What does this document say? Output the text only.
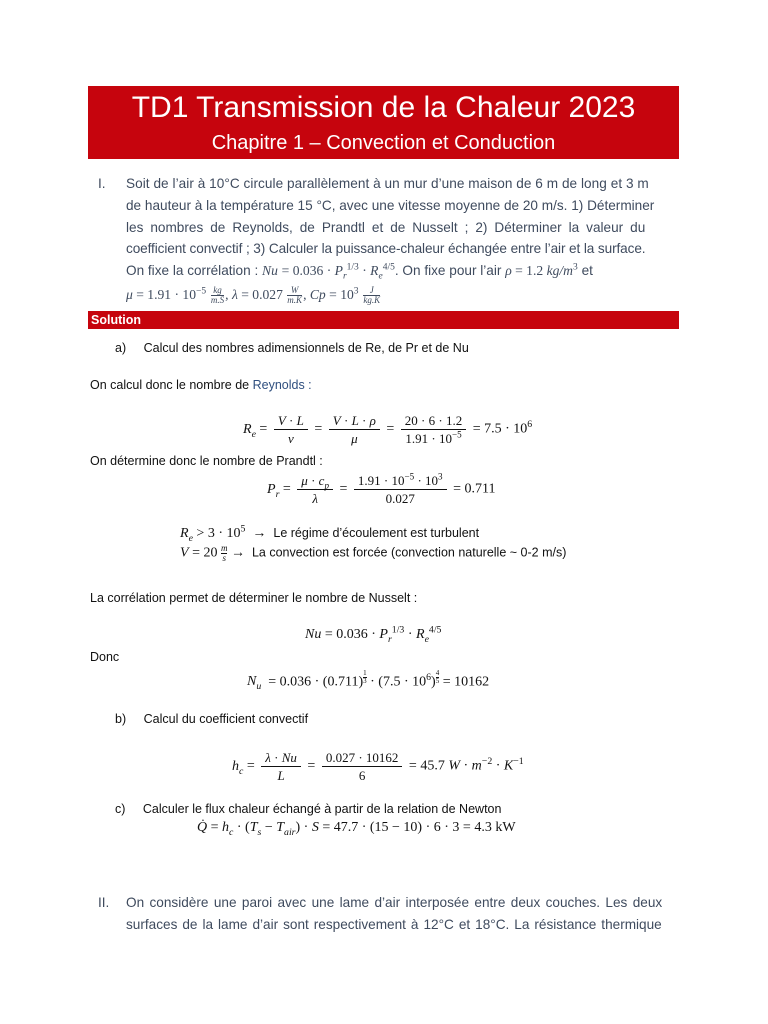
TD1 Transmission de la Chaleur 2023
Chapitre 1 – Convection et Conduction
I. Soit de l’air à 10°C circule parallèlement à un mur d’une maison de 6 m de long et 3 m
de hauteur à la température 15 °C, avec une vitesse moyenne de 20 m/s. 1) Déterminer
les nombres de Reynolds, de Prandtl et de Nusselt ; 2) Déterminer la valeur du
coefficient convectif ; 3) Calculer la puissance-chaleur échangée entre l’air et la surface.
On fixe la corrélation : $Nu = 0.036 \cdot P_r^{1/3} \cdot R_e^{4/5}$. On fixe pour l’air ρ = 1.2 $kg/m^3$ et
$\mu = 1.91 \cdot 10^{-5} \frac{kg}{m.S}$ , $\lambda = 0.027 \frac{W}{m.K}$ , $Cp = 10^3 \frac{J}{kg.K}$
Solution
a) Calcul des nombres adimensionnels de Re, de Pr et de Nu
On calcul donc le nombre de Reynolds :
$R_e = \frac{V \cdot L}{\nu} = \frac{V \cdot L \cdot \rho}{\mu} = \frac{20 \cdot 6 \cdot 1.2}{1.91 \cdot 10^{-5}} = 7.5 \cdot 10^6$
On détermine donc le nombre de Prandtl :
$P_r = \frac{\mu \cdot c_p}{\lambda} = \frac{1.91 \cdot 10^{-5} \cdot 10^3}{0.027} = 0.711$
$R_e > 3 \cdot 10^5 \to Le$ régime d’écoulement est turbulent
$V = 20 \frac{m}{s} \to La$ convection est forcée (convection naturelle ~ 0-2 m/s)
La corrélation permet de déterminer le nombre de Nusselt :
$Nu = 0.036 \cdot P_r^{1/3} \cdot R_e^{4/5}$
Donc
$N_u = 0.036 \cdot (0.711) ^{\frac{1}{3}} \cdot (7.5 \cdot 10^6) ^{\frac{4}{5}} = 10162$
b) Calcul du coefficient convectif
$h_c = \frac{\lambda \cdot Nu}{L} = \frac{0.027 \cdot 10162}{6} = 45.7$ $W \cdot m^{-2} \cdot K^{-1}$
c) Calculer le flux chaleur échangé à partir de la relation de Newton
Q̇ = $h_c \cdot (T_s - T_{air}) \cdot S = 47.7 \cdot (15 - 10) \cdot 6 \cdot 3 = 4.3$ kW
II. On considère une paroi avec une lame d’air interposée entre deux couches. Les deux
surfaces de la lame d’air sont respectivement à 12°C et 18°C. La résistance thermique
